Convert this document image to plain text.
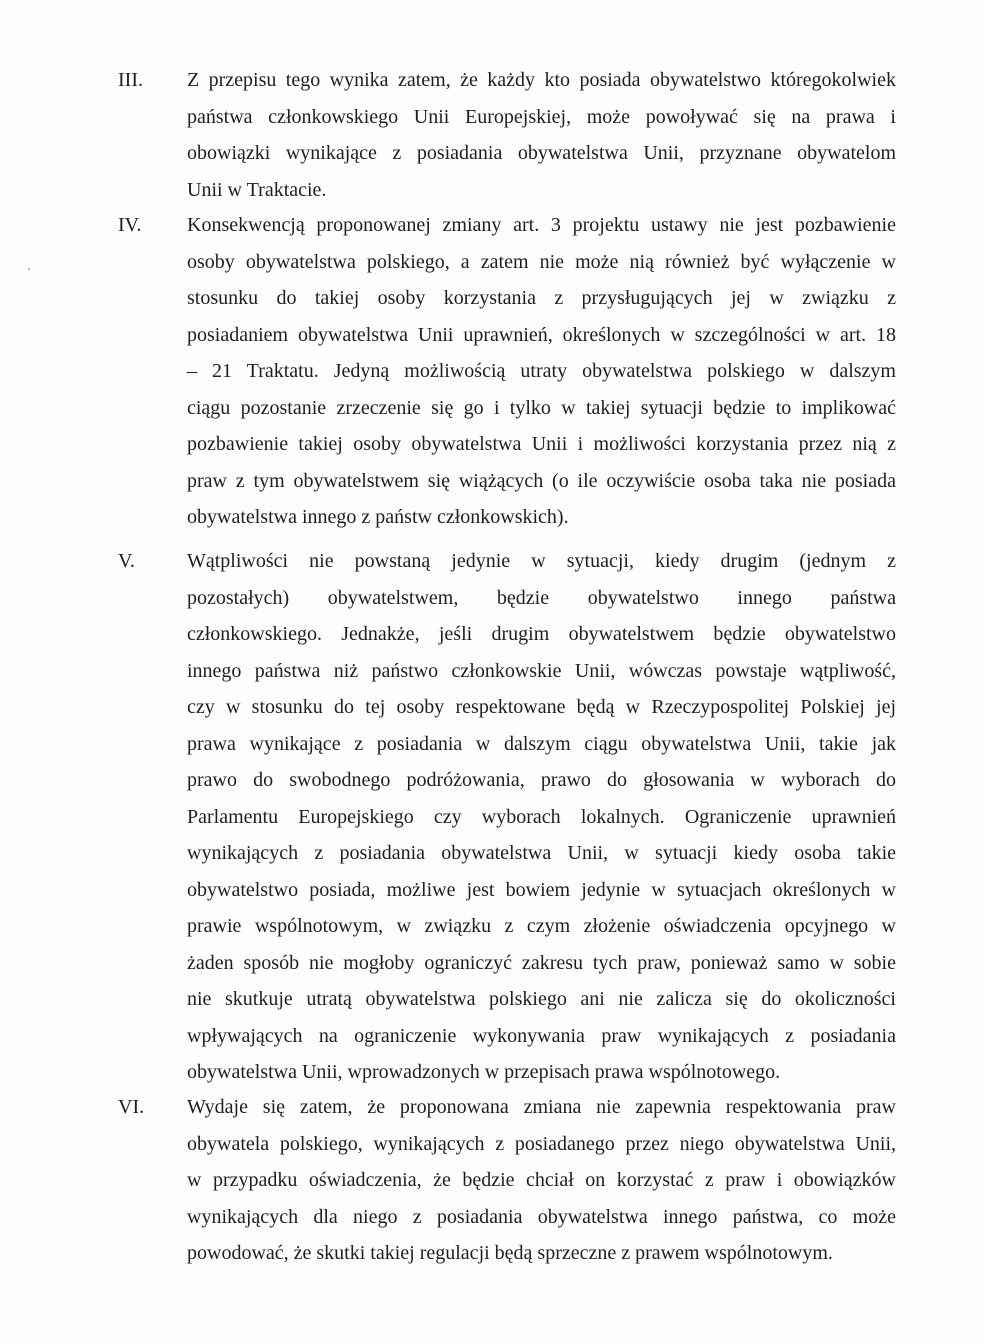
III.	Z przepisu tego wynika zatem, że każdy kto posiada obywatelstwo któregokolwiek
państwa członkowskiego Unii Europejskiej, może powoływać się na prawa i
obowiązki wynikające z posiadania obywatelstwa Unii, przyznane obywatelom
Unii w Traktacie.
IV.	Konsekwencją proponowanej zmiany art. 3 projektu ustawy nie jest pozbawienie
osoby obywatelstwa polskiego, a zatem nie może nią również być wyłączenie w
stosunku do takiej osoby korzystania z przysługujących jej w związku z
posiadaniem obywatelstwa Unii uprawnień, określonych w szczególności w art. 18
– 21 Traktatu. Jedyną możliwością utraty obywatelstwa polskiego w dalszym
ciągu pozostanie zrzeczenie się go i tylko w takiej sytuacji będzie to implikować
pozbawienie takiej osoby obywatelstwa Unii i możliwości korzystania przez nią z
praw z tym obywatelstwem się wiążących (o ile oczywiście osoba taka nie posiada
obywatelstwa innego z państw członkowskich).
V.	Wątpliwości nie powstaną jedynie w sytuacji, kiedy drugim (jednym z
pozostałych) obywatelstwem, będzie obywatelstwo innego państwa
członkowskiego. Jednakże, jeśli drugim obywatelstwem będzie obywatelstwo
innego państwa niż państwo członkowskie Unii, wówczas powstaje wątpliwość,
czy w stosunku do tej osoby respektowane będą w Rzeczypospolitej Polskiej jej
prawa wynikające z posiadania w dalszym ciągu obywatelstwa Unii, takie jak
prawo do swobodnego podróżowania, prawo do głosowania w wyborach do
Parlamentu Europejskiego czy wyborach lokalnych. Ograniczenie uprawnień
wynikających z posiadania obywatelstwa Unii, w sytuacji kiedy osoba takie
obywatelstwo posiada, możliwe jest bowiem jedynie w sytuacjach określonych w
prawie wspólnotowym, w związku z czym złożenie oświadczenia opcyjnego w
żaden sposób nie mogłoby ograniczyć zakresu tych praw, ponieważ samo w sobie
nie skutkuje utratą obywatelstwa polskiego ani nie zalicza się do okoliczności
wpływających na ograniczenie wykonywania praw wynikających z posiadania
obywatelstwa Unii, wprowadzonych w przepisach prawa wspólnotowego.
VI.	Wydaje się zatem, że proponowana zmiana nie zapewnia respektowania praw
obywatela polskiego, wynikających z posiadanego przez niego obywatelstwa Unii,
w przypadku oświadczenia, że będzie chciał on korzystać z praw i obowiązków
wynikających dla niego z posiadania obywatelstwa innego państwa, co może
powodować, że skutki takiej regulacji będą sprzeczne z prawem wspólnotowym.
